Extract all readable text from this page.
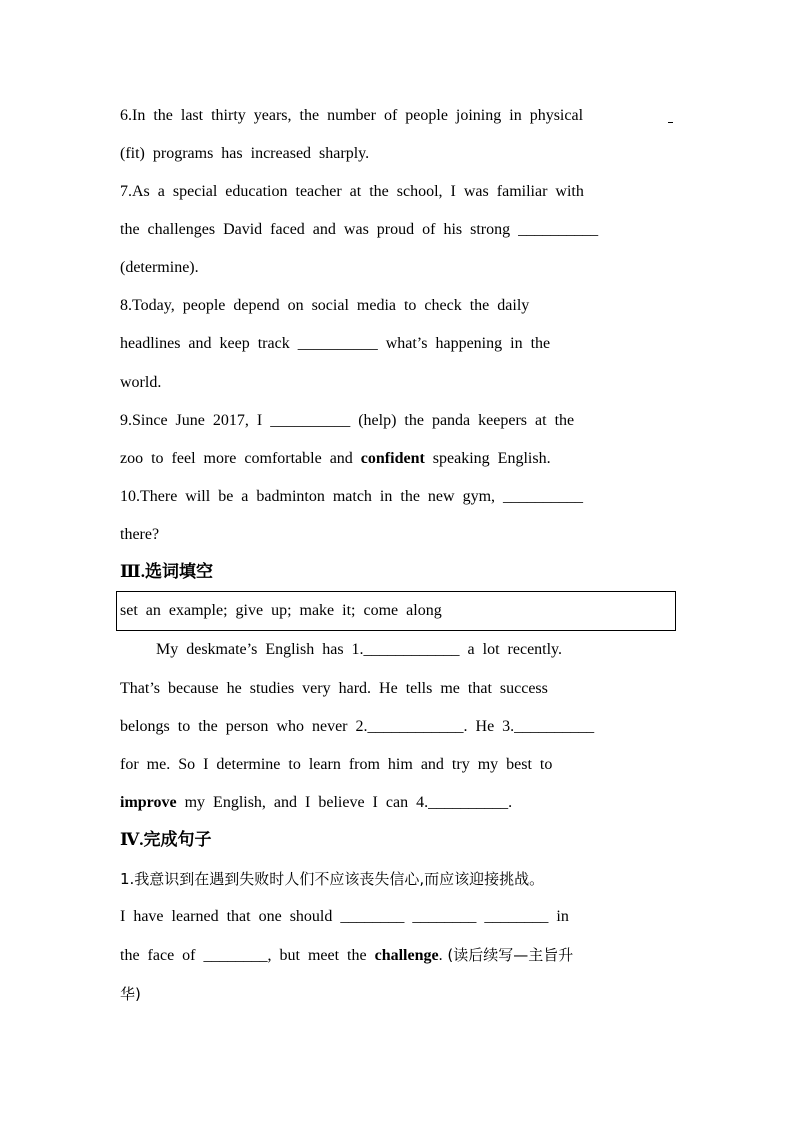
6.In the last thirty years, the number of people joining in physical
(fit) programs has increased sharply.
7.As a special education teacher at the school, I was familiar with
the challenges David faced and was proud of his strong __________
(determine).
8.Today, people depend on social media to check the daily
headlines and keep track __________ what’s happening in the
world.
9.Since June 2017, I __________ (help) the panda keepers at the
zoo to feel more comfortable and confident speaking English.
10.There will be a badminton match in the new gym, __________
there?
Ⅲ.选词填空
set an example; give up; make it; come along
My deskmate’s English has 1.____________ a lot recently.
That’s because he studies very hard. He tells me that success
belongs to the person who never 2.____________. He 3.__________
for me. So I determine to learn from him and try my best to
improve my English, and I believe I can 4.__________.
Ⅳ.完成句子
1.我意识到在遇到失败时人们不应该丧失信心,而应该迎接挑战。
I have learned that one should ________ ________ ________ in
the face of ________, but meet the challenge. (读后续写—主旨升
华)
